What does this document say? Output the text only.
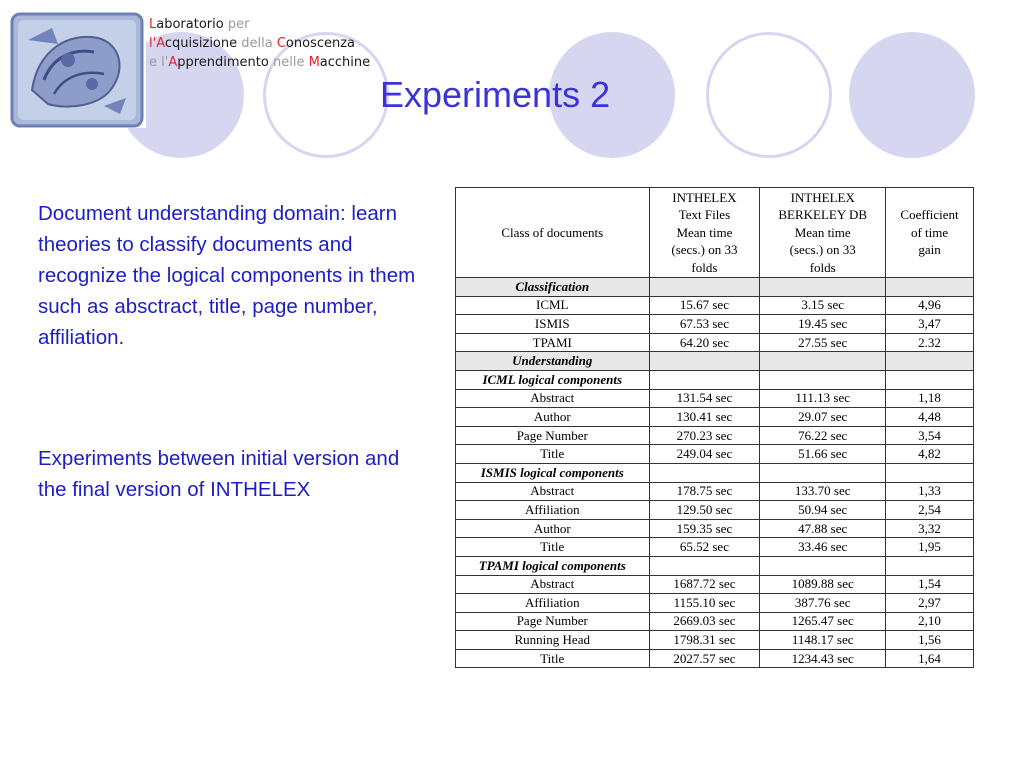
Laboratorio per
l'Acquisizione della Conoscenza
e l'Apprendimento nelle Macchine
Experiments 2

Document understanding domain: learn theories to classify documents and recognize the logical components in them such as absctract, title, page number, affiliation.

Experiments between initial version and the final version of INTHELEX

Class of documents	INTHELEX
Text Files
Mean time
(secs.) on 33
folds	INTHELEX
BERKELEY DB
Mean time
(secs.) on 33
folds	Coefficient
of time
gain
Classification			
ICML	15.67 sec	3.15 sec	4,96
ISMIS	67.53 sec	19.45 sec	3,47
TPAMI	64.20 sec	27.55 sec	2.32
Understanding			
ICML logical components			
Abstract	131.54 sec	111.13 sec	1,18
Author	130.41 sec	29.07 sec	4,48
Page Number	270.23 sec	76.22 sec	3,54
Title	249.04 sec	51.66 sec	4,82
ISMIS logical components			
Abstract	178.75 sec	133.70 sec	1,33
Affiliation	129.50 sec	50.94 sec	2,54
Author	159.35 sec	47.88 sec	3,32
Title	65.52 sec	33.46 sec	1,95
TPAMI logical components			
Abstract	1687.72 sec	1089.88 sec	1,54
Affiliation	1155.10 sec	387.76 sec	2,97
Page Number	2669.03 sec	1265.47 sec	2,10
Running Head	1798.31 sec	1148.17 sec	1,56
Title	2027.57 sec	1234.43 sec	1,64
